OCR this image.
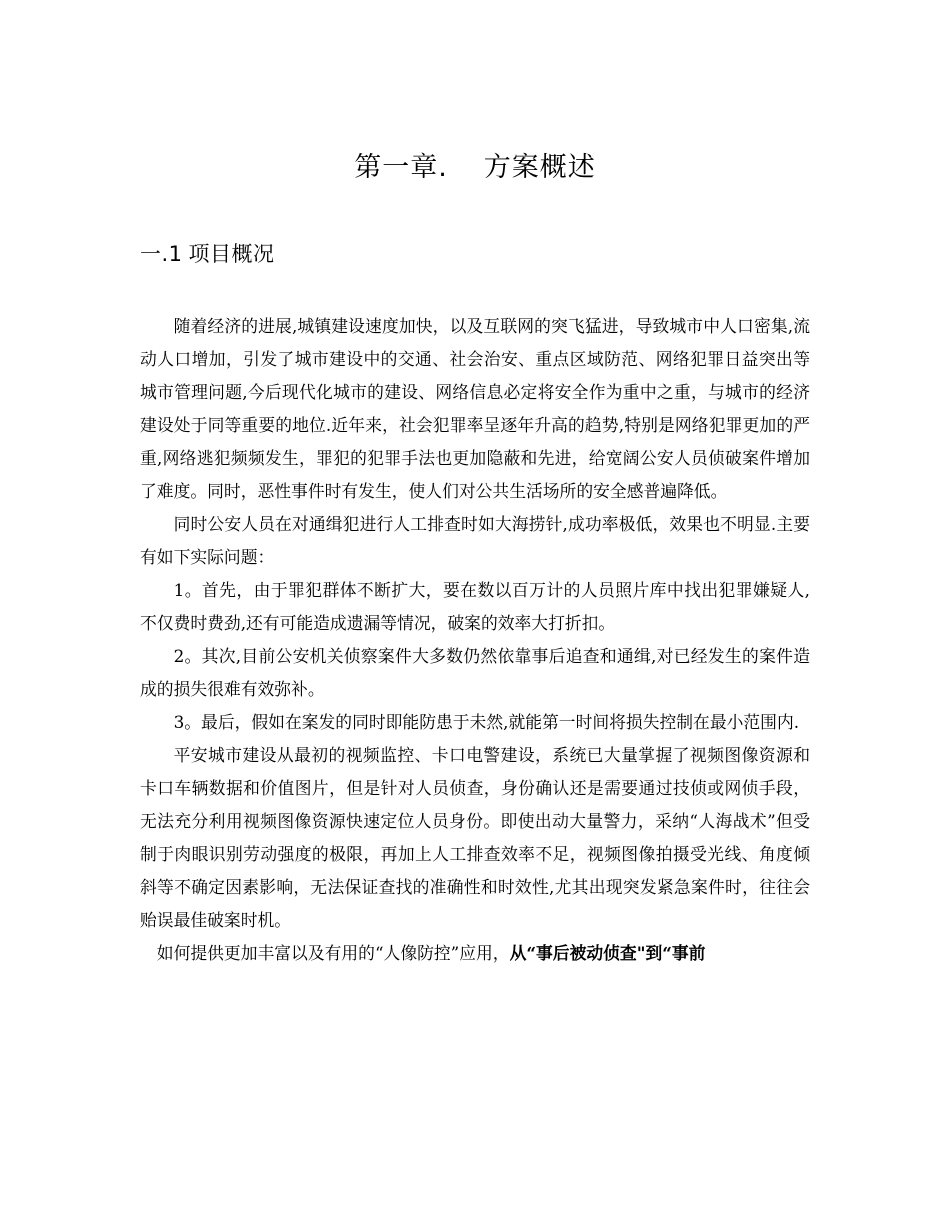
第一章. 方案概述
一.1 项目概况

随着经济的进展,城镇建设速度加快，以及互联网的突飞猛进，导致城市中人口密集,流动人口增加，引发了城市建设中的交通、社会治安、重点区域防范、网络犯罪日益突出等城市管理问题,今后现代化城市的建设、网络信息必定将安全作为重中之重，与城市的经济建设处于同等重要的地位.近年来，社会犯罪率呈逐年升高的趋势,特别是网络犯罪更加的严重,网络逃犯频频发生，罪犯的犯罪手法也更加隐蔽和先进，给宽阔公安人员侦破案件增加了难度。同时，恶性事件时有发生，使人们对公共生活场所的安全感普遍降低。

同时公安人员在对通缉犯进行人工排查时如大海捞针,成功率极低，效果也不明显.主要有如下实际问题：

1。首先，由于罪犯群体不断扩大，要在数以百万计的人员照片库中找出犯罪嫌疑人,不仅费时费劲,还有可能造成遗漏等情况，破案的效率大打折扣。

2。其次,目前公安机关侦察案件大多数仍然依靠事后追查和通缉,对已经发生的案件造成的损失很难有效弥补。

3。最后，假如在案发的同时即能防患于未然,就能第一时间将损失控制在最小范围内.

平安城市建设从最初的视频监控、卡口电警建设，系统已大量掌握了视频图像资源和卡口车辆数据和价值图片，但是针对人员侦查，身份确认还是需要通过技侦或网侦手段，无法充分利用视频图像资源快速定位人员身份。即使出动大量警力，采纳“人海战术”但受制于肉眼识别劳动强度的极限，再加上人工排查效率不足，视频图像拍摄受光线、角度倾斜等不确定因素影响，无法保证查找的准确性和时效性,尤其出现突发紧急案件时，往往会贻误最佳破案时机。

如何提供更加丰富以及有用的“人像防控”应用，从“事后被动侦查"到“事前
